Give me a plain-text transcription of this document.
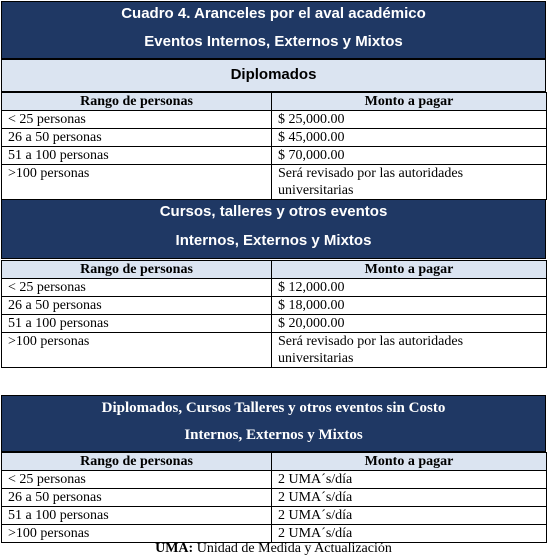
Cuadro 4. Aranceles por el aval académico
Eventos Internos, Externos y Mixtos
Diplomados
Rango de personas	Monto a pagar
< 25 personas	$ 25,000.00
26 a 50 personas	$ 45,000.00
51 a 100 personas	$ 70,000.00
>100 personas	Será revisado por las autoridades universitarias
Cursos, talleres y otros eventos
Internos, Externos y Mixtos
Rango de personas	Monto a pagar
< 25 personas	$ 12,000.00
26 a 50 personas	$ 18,000.00
51 a 100 personas	$ 20,000.00
>100 personas	Será revisado por las autoridades universitarias
Diplomados, Cursos Talleres y otros eventos sin Costo
Internos, Externos y Mixtos
Rango de personas	Monto a pagar
< 25 personas	2 UMA´s/día
26 a 50 personas	2 UMA´s/día
51 a 100 personas	2 UMA´s/día
>100 personas	2 UMA´s/día
UMA: Unidad de Medida y Actualización
